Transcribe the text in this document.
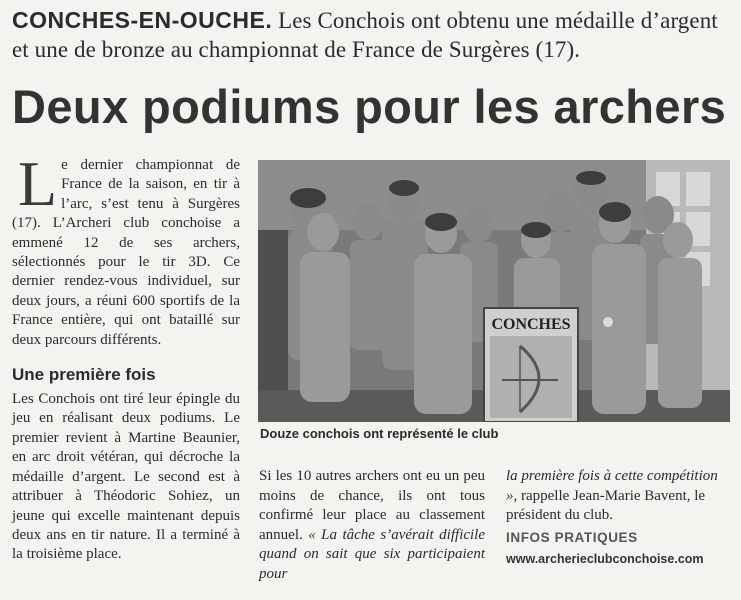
CONCHES-EN-OUCHE. Les Conchois ont obtenu une médaille d’argent et une de bronze au championnat de France de Surgères (17).
Deux podiums pour les archers

Le dernier championnat de France de la saison, en tir à l’arc, s’est tenu à Surgères (17). L’Archeri club conchoise a emmené 12 de ses archers, sélectionnés pour le tir 3D. Ce dernier rendez-vous individuel, sur deux jours, a réuni 600 sportifs de la France entière, qui ont bataillé sur deux parcours différents.

Une première fois

Les Conchois ont tiré leur épingle du jeu en réalisant deux podiums. Le premier revient à Martine Beaunier, en arc droit vétéran, qui décroche la médaille d’argent. Le second est à attribuer à Théodoric Sohiez, un jeune qui excelle maintenant depuis deux ans en tir nature. Il a terminé à la troisième place.

CONCHES
Douze conchois ont représenté le club

Si les 10 autres archers ont eu un peu moins de chance, ils ont tous confirmé leur place au classement annuel. « La tâche s’avérait difficile quand on sait que six participaient pour

la première fois à cette compétition », rappelle Jean-Marie Bavent, le président du club.

INFOS PRATIQUES

www.archerieclubconchoise.com
